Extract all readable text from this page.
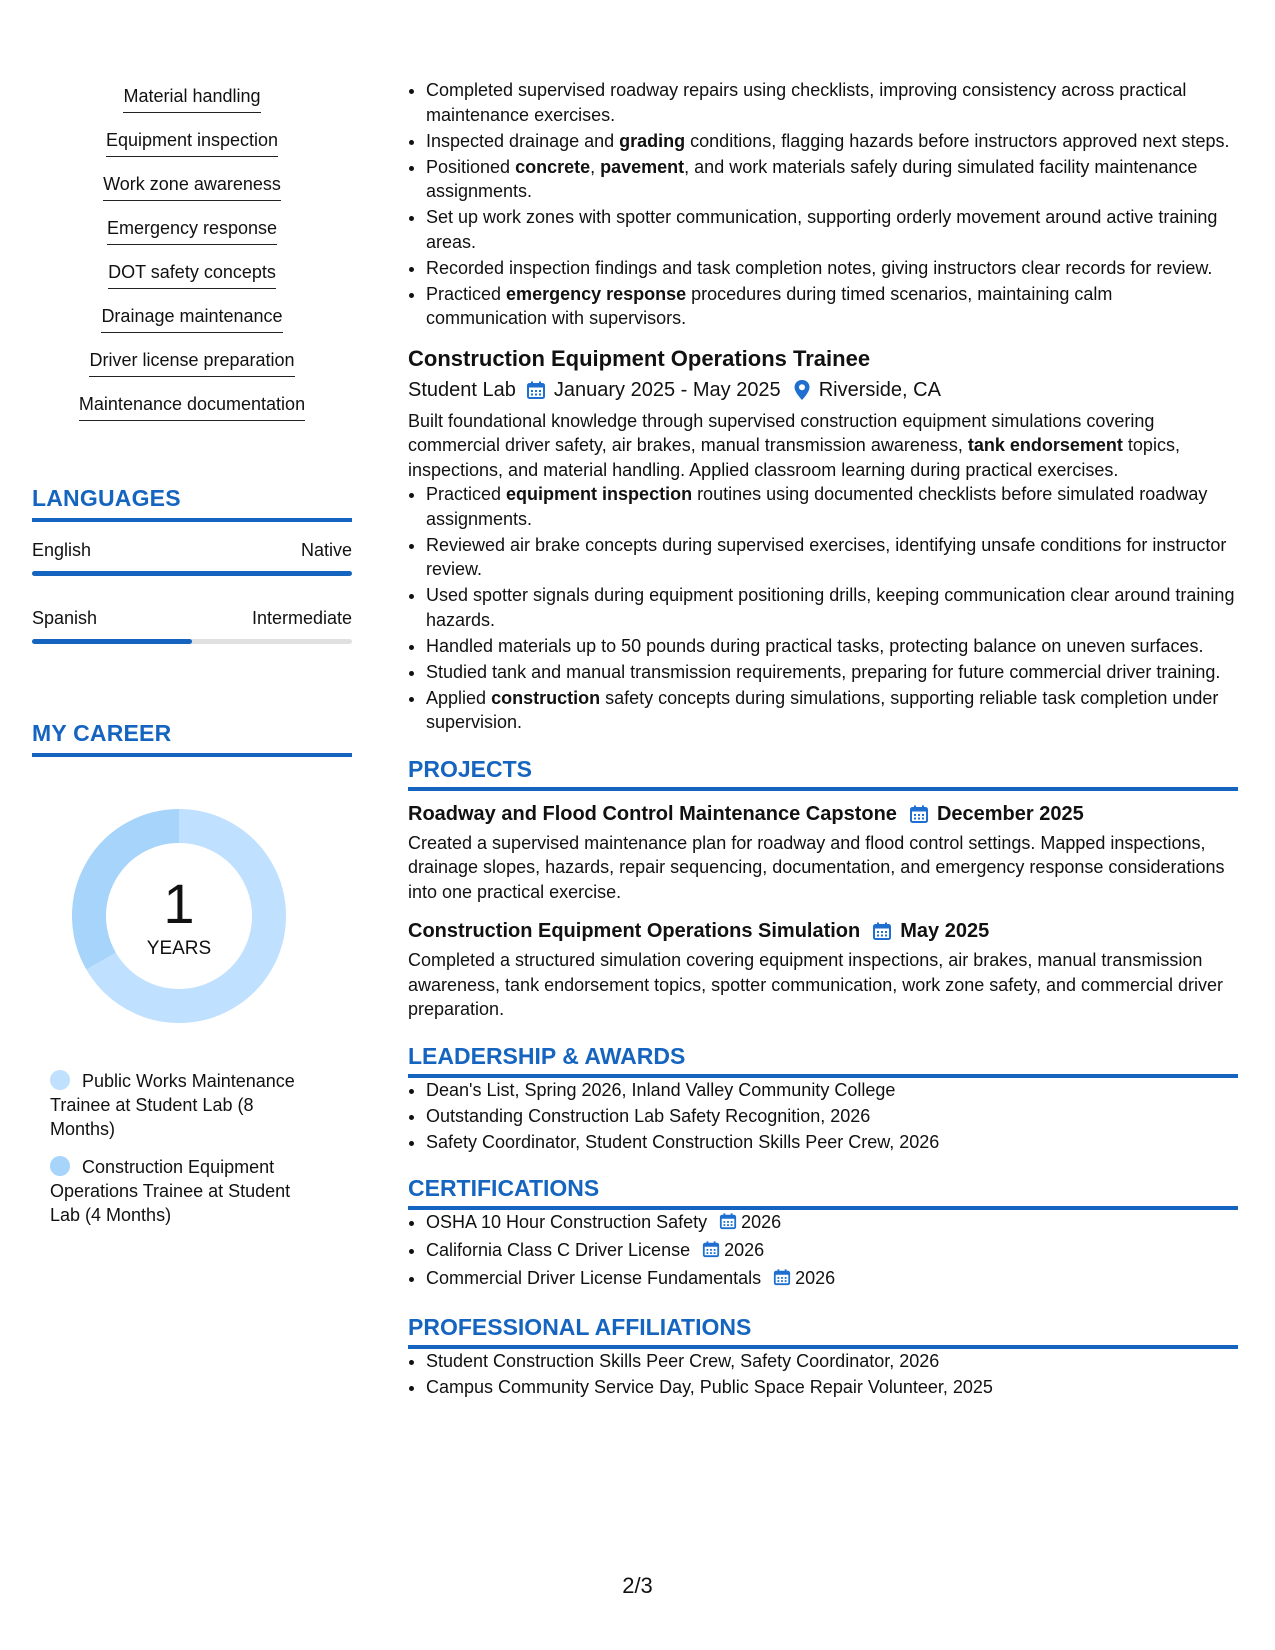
Material handling
Equipment inspection
Work zone awareness
Emergency response
DOT safety concepts
Drainage maintenance
Driver license preparation
Maintenance documentation
LANGUAGES
English	Native
Spanish	Intermediate
MY CAREER
1
YEARS
Public Works Maintenance Trainee at Student Lab (8 Months)
Construction Equipment Operations Trainee at Student Lab (4 Months)
• Completed supervised roadway repairs using checklists, improving consistency across practical maintenance exercises.
• Inspected drainage and grading conditions, flagging hazards before instructors approved next steps.
• Positioned concrete, pavement, and work materials safely during simulated facility maintenance assignments.
• Set up work zones with spotter communication, supporting orderly movement around active training areas.
• Recorded inspection findings and task completion notes, giving instructors clear records for review.
• Practiced emergency response procedures during timed scenarios, maintaining calm communication with supervisors.
Construction Equipment Operations Trainee
Student Lab January 2025 - May 2025 Riverside, CA
Built foundational knowledge through supervised construction equipment simulations covering commercial driver safety, air brakes, manual transmission awareness, tank endorsement topics, inspections, and material handling. Applied classroom learning during practical exercises.
• Practiced equipment inspection routines using documented checklists before simulated roadway assignments.
• Reviewed air brake concepts during supervised exercises, identifying unsafe conditions for instructor review.
• Used spotter signals during equipment positioning drills, keeping communication clear around training hazards.
• Handled materials up to 50 pounds during practical tasks, protecting balance on uneven surfaces.
• Studied tank and manual transmission requirements, preparing for future commercial driver training.
• Applied construction safety concepts during simulations, supporting reliable task completion under supervision.
PROJECTS
Roadway and Flood Control Maintenance Capstone December 2025
Created a supervised maintenance plan for roadway and flood control settings. Mapped inspections, drainage slopes, hazards, repair sequencing, documentation, and emergency response considerations into one practical exercise.
Construction Equipment Operations Simulation May 2025
Completed a structured simulation covering equipment inspections, air brakes, manual transmission awareness, tank endorsement topics, spotter communication, work zone safety, and commercial driver preparation.
LEADERSHIP & AWARDS
• Dean's List, Spring 2026, Inland Valley Community College
• Outstanding Construction Lab Safety Recognition, 2026
• Safety Coordinator, Student Construction Skills Peer Crew, 2026
CERTIFICATIONS
• OSHA 10 Hour Construction Safety 2026
• California Class C Driver License 2026
• Commercial Driver License Fundamentals 2026
PROFESSIONAL AFFILIATIONS
• Student Construction Skills Peer Crew, Safety Coordinator, 2026
• Campus Community Service Day, Public Space Repair Volunteer, 2025
2/3
